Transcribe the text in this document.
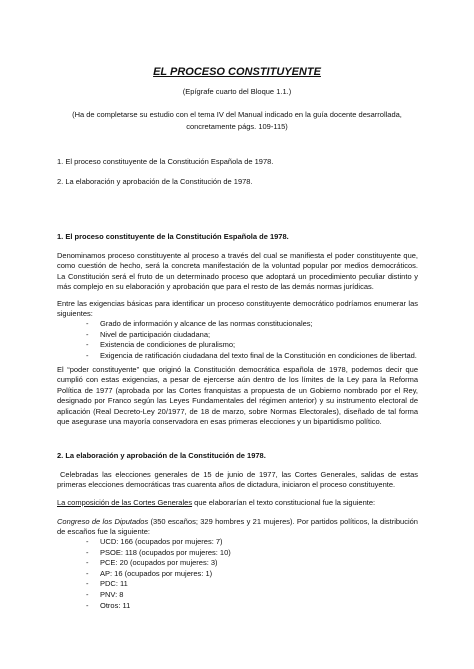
EL PROCESO CONSTITUYENTE
(Epígrafe cuarto del Bloque 1.1.)
(Ha de completarse su estudio con el tema IV del Manual indicado en la guía docente desarrollada,
concretamente págs. 109-115)
1. El proceso constituyente de la Constitución Española de 1978.
2. La elaboración y aprobación de la Constitución de 1978.
1. El proceso constituyente de la Constitución Española de 1978.
Denominamos proceso constituyente al proceso a través del cual se manifiesta el poder constituyente que, como cuestión de hecho, será la concreta manifestación de la voluntad popular por medios democráticos. La Constitución será el fruto de un determinado proceso que adoptará un procedimiento peculiar distinto y más complejo en su elaboración y aprobación que para el resto de las demás normas jurídicas.
Entre las exigencias básicas para identificar un proceso constituyente democrático podríamos enumerar las siguientes:
- Grado de información y alcance de las normas constitucionales;
- Nivel de participación ciudadana;
- Existencia de condiciones de pluralismo;
- Exigencia de ratificación ciudadana del texto final de la Constitución en condiciones de libertad.
El “poder constituyente” que originó la Constitución democrática española de 1978, podemos decir que cumplió con estas exigencias, a pesar de ejercerse aún dentro de los límites de la Ley para la Reforma Política de 1977 (aprobada por las Cortes franquistas a propuesta de un Gobierno nombrado por el Rey, designado por Franco según las Leyes Fundamentales del régimen anterior) y su instrumento electoral de aplicación (Real Decreto-Ley 20/1977, de 18 de marzo, sobre Normas Electorales), diseñado de tal forma que asegurase una mayoría conservadora en esas primeras elecciones y un bipartidismo político.
2. La elaboración y aprobación de la Constitución de 1978.
Celebradas las elecciones generales de 15 de junio de 1977, las Cortes Generales, salidas de estas primeras elecciones democráticas tras cuarenta años de dictadura, iniciaron el proceso constituyente.
La composición de las Cortes Generales que elaborarían el texto constitucional fue la siguiente:
Congreso de los Diputados (350 escaños; 329 hombres y 21 mujeres). Por partidos políticos, la distribución de escaños fue la siguiente:
- UCD: 166 (ocupados por mujeres: 7)
- PSOE: 118 (ocupados por mujeres: 10)
- PCE: 20 (ocupados por mujeres: 3)
- AP: 16 (ocupados por mujeres: 1)
- PDC: 11
- PNV: 8
- Otros: 11
